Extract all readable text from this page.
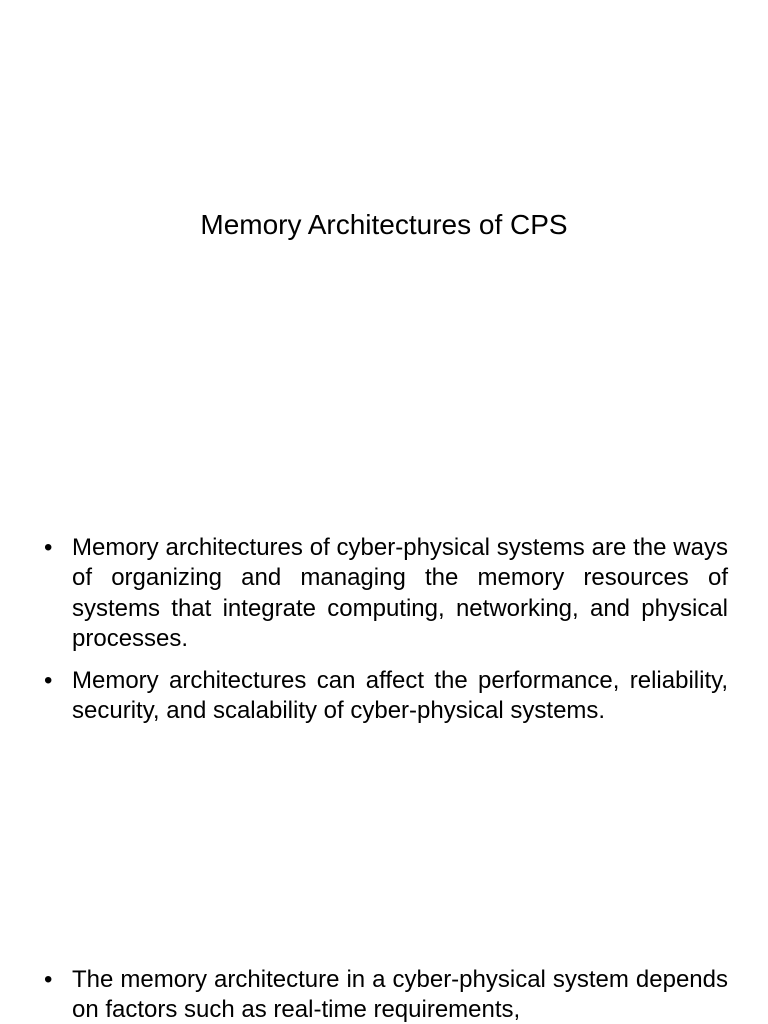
Memory Architectures of CPS
• Memory architectures of cyber-physical systems are the ways of organizing and managing the memory resources of systems that integrate computing, networking, and physical processes.
• Memory architectures can affect the performance, reliability, security, and scalability of cyber-physical systems.
• The memory architecture in a cyber-physical system depends on factors such as real-time requirements,
